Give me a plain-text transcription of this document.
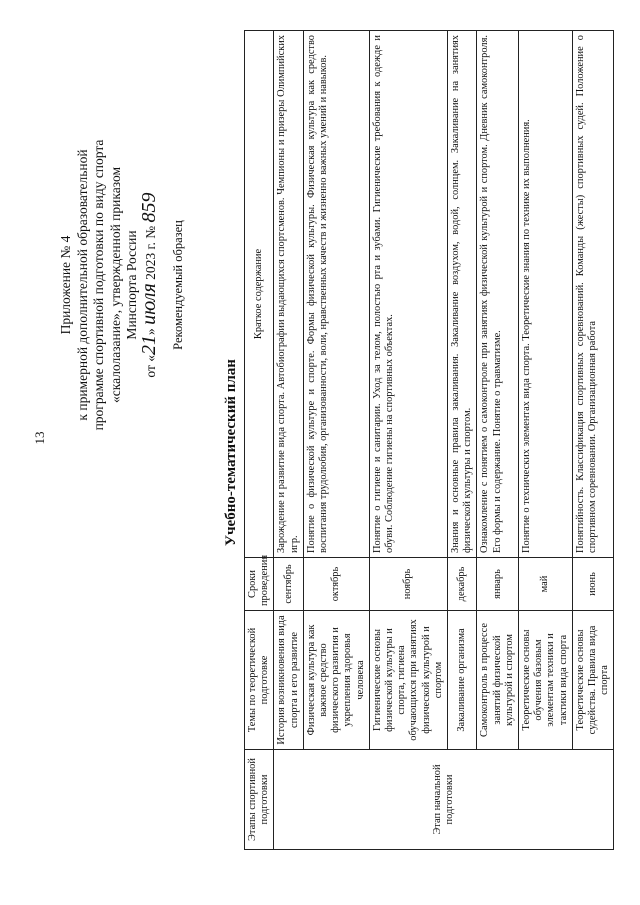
13
Приложение № 4 к примерной дополнительной образовательной программе спортивной подготовки по виду спорта «скалолазание», утвержденной приказом Минспорта России
от «21» июля 2023 г. № 859
Рекомендуемый образец
Учебно-тематический план
Этапы спортивной подготовки	Темы по теоретической подготовке	Сроки проведения	Краткое содержание
Этап начальной подготовки	История возникновения вида спорта и его развитие	сентябрь	Зарождение и развитие вида спорта. Автобиографии выдающихся спортсменов. Чемпионы и призеры Олимпийских игр.
	Физическая культура как важное средство физического развития и укрепления здоровья человека	октябрь	Понятие о физической культуре и спорте. Формы физической культуры. Физическая культура как средство воспитания трудолюбия, организованности, воли, нравственных качеств и жизненно важных умений и навыков.
	Гигиенические основы физической культуры и спорта, гигиена обучающихся при занятиях физической культурой и спортом	ноябрь	Понятие о гигиене и санитарии. Уход за телом, полостью рта и зубами. Гигиенические требования к одежде и обуви. Соблюдение гигиены на спортивных объектах.
	Закаливание организма	декабрь	Знания и основные правила закаливания. Закаливание воздухом, водой, солнцем. Закаливание на занятиях физической культуры и спортом.
	Самоконтроль в процессе занятий физической культурой и спортом	январь	Ознакомление с понятием о самоконтроле при занятиях физической культурой и спортом. Дневник самоконтроля. Его формы и содержание. Понятие о травматизме.
	Теоретические основы обучения базовым элементам техники и тактики вида спорта	май	Понятие о технических элементах вида спорта. Теоретические знания по технике их выполнения.
	Теоретические основы судейства. Правила вида спорта	июнь	Понятийность. Классификация спортивных соревнований. Команды (жесты) спортивных судей. Положение о спортивном соревновании. Организационная работа
